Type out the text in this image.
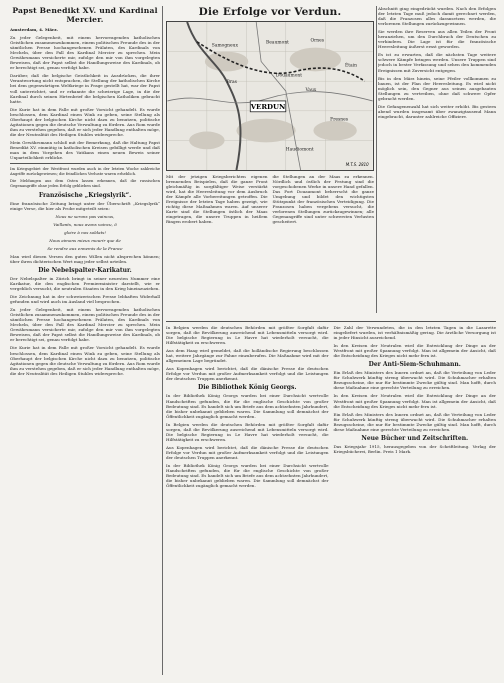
Papst Benedikt XV. und Kardinal Mercier.

Amsterdam, 4. März.

Zu jeder Gelegenheit, mit einem hervorragenden katholischen Geistlichen zusammenzukommen, einem politischen Freunde des in der sämtlichen Presse hochangesehenen Prälaten, des Kardinals von Mecheln, über den Fall des Kardinal Mercier zu sprechen. Mein Gewährsmann versicherte mir, zufolge den mir von ihm vorgelegten Beweisen, daß der Papst selbst die Handlungsweise des Kardinals, ob er berechtigt sei, genau verfolgt habe.

Darüber, daß die belgische Geistlichkeit in Ausdrücken, die ihrer Verantwortung nicht entsprachen, die Stellung der katholischen Kirche bei dem gegenwärtigen Weltkriege in Frage gestellt hat, war der Papst voll unterrichtet, und er erkannte die schwierige Lage, in die der Kardinal durch seinen Hirtenbrief die belgischen Katholiken gebracht hatte.

Die Kurie hat in dem Falle mit großer Vorsicht gehandelt. Es wurde beschlossen, dem Kardinal einen Wink zu geben, seine Stellung als Oberhaupt der belgischen Kirche nicht dazu zu benutzen, politische Agitationen gegen die deutsche Verwaltung zu fördern. Aus Rom wurde ihm zu verstehen gegeben, daß er sich jeder Handlung enthalten möge, die der Neutralität des Heiligen Stuhles widerspreche.

Mein Gewährsmann schloß mit der Bemerkung, daß die Haltung Papst Benedikt XV. einmütig in katholischen Kreisen gebilligt werde und daß man in dem Vorgehen des Vatikans einen neuen Beweis seiner Unparteilichkeit erblicke.

Im Kriegsgebiet der Westfront wurden auch in der letzten Woche zahlreiche Angriffe zurückgewiesen; die feindlichen Verluste waren erheblich.

Die Meldungen aus dem Osten lassen erkennen, daß die russischen Gegenangriffe ohne jeden Erfolg geblieben sind.

Französische „Kriegslyrik“.

Eine französische Zeitung bringt unter der Überschrift „Kriegslyrik“ einige Verse, die hier als Probe mitgeteilt seien:

Nous ne serons pas vaincus,

Vaillants, nous avons vaincu, ô

gloire à nos soldats!

Nous aimons mieux mourir que de

Se rendre aux ennemis de la France

Man wird diesen Versen den guten Willen nicht absprechen können; über ihren dichterischen Wert mag jeder selbst urteilen.

Die Nebelspalter-Karikatur.

Der Nebelspalter in Zürich bringt in seiner neuesten Nummer eine Karikatur, die den englischen Premierminister darstellt, wie er vergeblich versucht, die neutralen Staaten in den Krieg hineinzuziehen.

Die Zeichnung hat in der schweizerischen Presse lebhaften Widerhall gefunden und wird auch im Ausland viel besprochen.

Zu jeder Gelegenheit, mit einem hervorragenden katholischen Geistlichen zusammenzukommen, einem politischen Freunde des in der sämtlichen Presse hochangesehenen Prälaten, des Kardinals von Mecheln, über den Fall des Kardinal Mercier zu sprechen. Mein Gewährsmann versicherte mir, zufolge den mir von ihm vorgelegten Beweisen, daß der Papst selbst die Handlungsweise des Kardinals, ob er berechtigt sei, genau verfolgt habe.

Die Kurie hat in dem Falle mit großer Vorsicht gehandelt. Es wurde beschlossen, dem Kardinal einen Wink zu geben, seine Stellung als Oberhaupt der belgischen Kirche nicht dazu zu benutzen, politische Agitationen gegen die deutsche Verwaltung zu fördern. Aus Rom wurde ihm zu verstehen gegeben, daß er sich jeder Handlung enthalten möge, die der Neutralität des Heiligen Stuhles widerspreche.

Die Erfolge vor Verdun.
VERDUN
Douaumont
Vaux
Bras
Samogneux
Beaumont	Ornes
Fresnes
Étain
Haudiomont
M.T.S. 2810

Mit der jetzigen Kriegsberichten eigenen brennenden Beispielen, daß die ganze Front gleichmäßig in sorgfältiger Weise verstärkt wird, hat die Heeresleitung vor dem Ausbruch der Kämpfe alle Vorbereitungen getroffen. Die Ereignisse der letzten Tage haben gezeigt, wie richtig diese Maßnahmen waren. Auf unserer Karte sind die Stellungen östlich der Maas eingetragen, die unsere Truppen in heißem Ringen erobert haben.

die Stellungen an der Maas zu erkennen. Nördlich und östlich der Festung sind die vorgeschobenen Werke in unsere Hand gefallen. Das Fort Douaumont beherrscht die ganze Umgebung und bildet den wichtigsten Stützpunkt der französischen Verteidigung. Die Franzosen haben vergebens versucht, die verlorenen Stellungen zurückzugewinnen; alle Gegenangriffe sind unter schwersten Verlusten gescheitert.

Abschnitt ging eingedrückt wurden. Nach den Erfolgen der letzten Tage muß jedoch damit gerechnet werden, daß die Franzosen alles daransetzen werden, die verlorenen Stellungen zurückzugewinnen.

Sie werden ihre Reserven aus allen Teilen der Front heranziehen, um den Durchbruch der Deutschen zu verhindern. Die Lage ist für die französische Heeresleitung äußerst ernst geworden.

Es ist zu erwarten, daß die nächsten Tage weitere schwere Kämpfe bringen werden. Unsere Truppen sind jedoch in bester Verfassung und sehen den kommenden Ereignissen mit Zuversicht entgegen.

Bis in den März hinein, seine Pfeiler vollkommen zu bauen, ist der Plan der Heeresleitung. Es wird nicht möglich sein, den Gegner aus seinen ausgebauten Stellungen zu vertreiben, ohne daß schwere Opfer gebracht werden.

Die Gefangenenzahl hat sich weiter erhöht. Bis gestern abend wurden insgesamt über zwanzigtausend Mann eingebracht, darunter zahlreiche Offiziere.

In Belgien werden die deutschen Behörden mit größter Sorgfalt dafür sorgen, daß die Bevölkerung ausreichend mit Lebensmitteln versorgt wird. Die belgische Regierung in Le Havre hat wiederholt versucht, die Hilfstätigkeit zu erschweren.

Aus dem Haag wird gemeldet, daß die holländische Regierung beschlossen hat, weitere Jahrgänge zur Fahne einzuberufen. Die Maßnahme wird mit der allgemeinen Lage begründet.

Aus Kopenhagen wird berichtet, daß die dänische Presse die deutschen Erfolge vor Verdun mit großer Aufmerksamkeit verfolgt und die Leistungen der deutschen Truppen anerkennt.

Die Bibliothek König Georgs.

In der Bibliothek König Georgs wurden bei einer Durchsicht wertvolle Handschriften gefunden, die für die englische Geschichte von großer Bedeutung sind. Es handelt sich um Briefe aus dem achtzehnten Jahrhundert, die bisher unbekannt geblieben waren. Die Sammlung soll demnächst der Öffentlichkeit zugänglich gemacht werden.

In Belgien werden die deutschen Behörden mit größter Sorgfalt dafür sorgen, daß die Bevölkerung ausreichend mit Lebensmitteln versorgt wird. Die belgische Regierung in Le Havre hat wiederholt versucht, die Hilfstätigkeit zu erschweren.

Aus Kopenhagen wird berichtet, daß die dänische Presse die deutschen Erfolge vor Verdun mit großer Aufmerksamkeit verfolgt und die Leistungen der deutschen Truppen anerkennt.

In der Bibliothek König Georgs wurden bei einer Durchsicht wertvolle Handschriften gefunden, die für die englische Geschichte von großer Bedeutung sind. Es handelt sich um Briefe aus dem achtzehnten Jahrhundert, die bisher unbekannt geblieben waren. Die Sammlung soll demnächst der Öffentlichkeit zugänglich gemacht werden.

Die Zahl der Verwundeten, die in den letzten Tagen in die Lazarette eingeliefert wurden, ist verhältnismäßig gering. Die ärztliche Versorgung ist in jeder Hinsicht ausreichend.

In den Kreisen der Neutralen wird die Entwicklung der Dinge an der Westfront mit großer Spannung verfolgt. Man ist allgemein der Ansicht, daß die Entscheidung des Krieges nicht mehr fern ist.

Der Anti-Siem-Schuhmann.

Ein Erlaß des Ministers des Innern ordnet an, daß die Verteilung von Leder für Schuhwerk künftig streng überwacht wird. Die Schuhmacher erhalten Bezugsscheine, die nur für bestimmte Zwecke gültig sind. Man hofft, durch diese Maßnahme eine gerechte Verteilung zu erreichen.

In den Kreisen der Neutralen wird die Entwicklung der Dinge an der Westfront mit großer Spannung verfolgt. Man ist allgemein der Ansicht, daß die Entscheidung des Krieges nicht mehr fern ist.

Ein Erlaß des Ministers des Innern ordnet an, daß die Verteilung von Leder für Schuhwerk künftig streng überwacht wird. Die Schuhmacher erhalten Bezugsscheine, die nur für bestimmte Zwecke gültig sind. Man hofft, durch diese Maßnahme eine gerechte Verteilung zu erreichen.

Neue Bücher und Zeitschriften.

Das Kriegsjahr 1915, herausgegeben von der Schriftleitung. Verlag der Kriegsbücherei, Berlin. Preis 1 Mark.
